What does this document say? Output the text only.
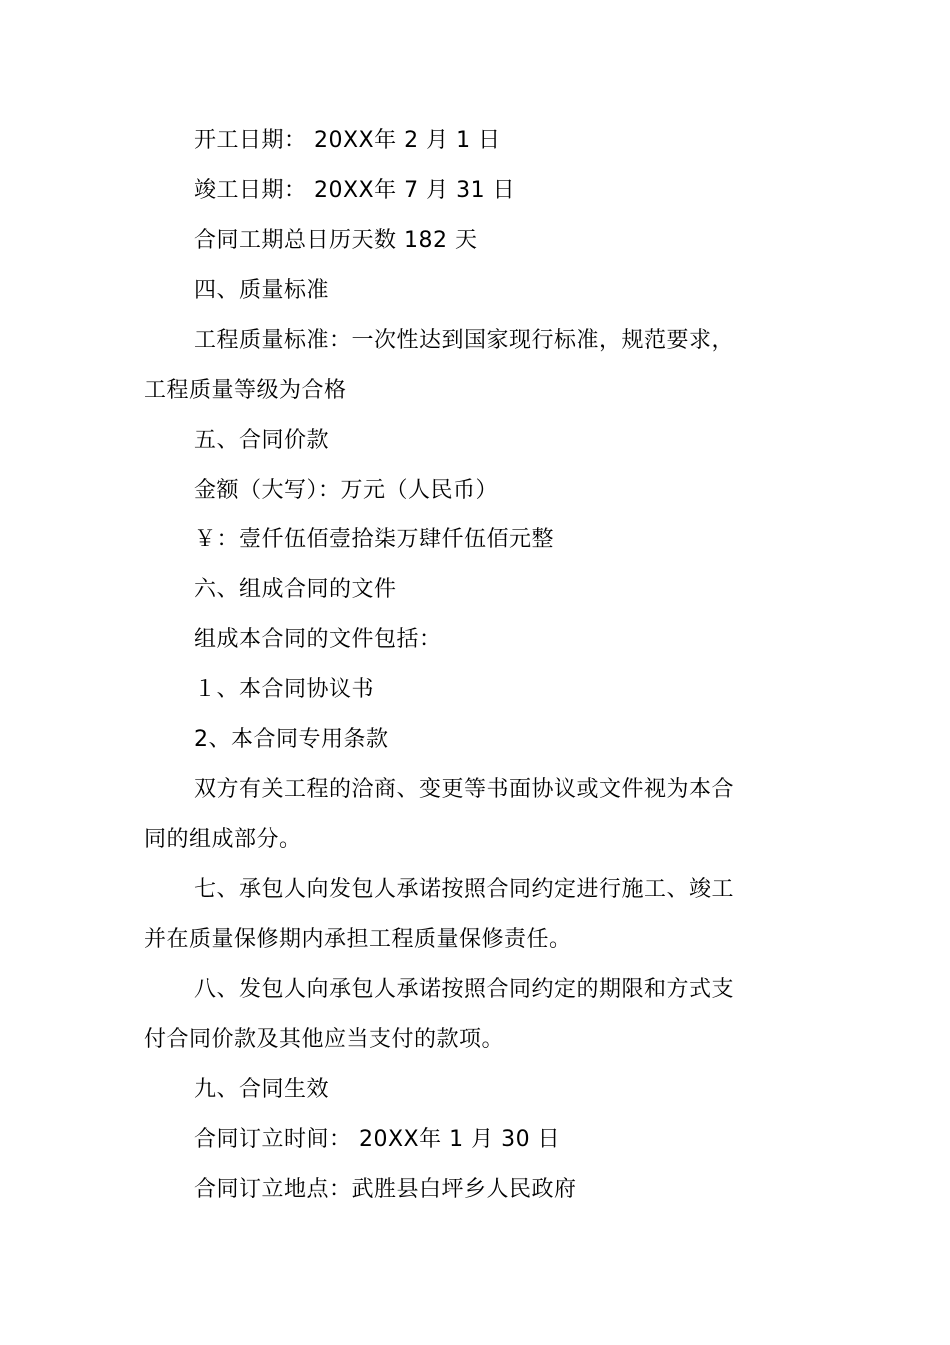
开工日期： 20XX年 2 月 1 日
竣工日期： 20XX年 7 月 31 日
合同工期总日历天数 182 天
四、质量标准
工程质量标准：一次性达到国家现行标准，规范要求，
工程质量等级为合格
五、合同价款
金额（大写）：万元（人民币）
￥：壹仟伍佰壹拾柒万肆仟伍佰元整
六、组成合同的文件
组成本合同的文件包括：
１、本合同协议书
2、本合同专用条款
双方有关工程的洽商、变更等书面协议或文件视为本合
同的组成部分。
七、承包人向发包人承诺按照合同约定进行施工、竣工
并在质量保修期内承担工程质量保修责任。
八、发包人向承包人承诺按照合同约定的期限和方式支
付合同价款及其他应当支付的款项。
九、合同生效
合同订立时间： 20XX年 1 月 30 日
合同订立地点：武胜县白坪乡人民政府
